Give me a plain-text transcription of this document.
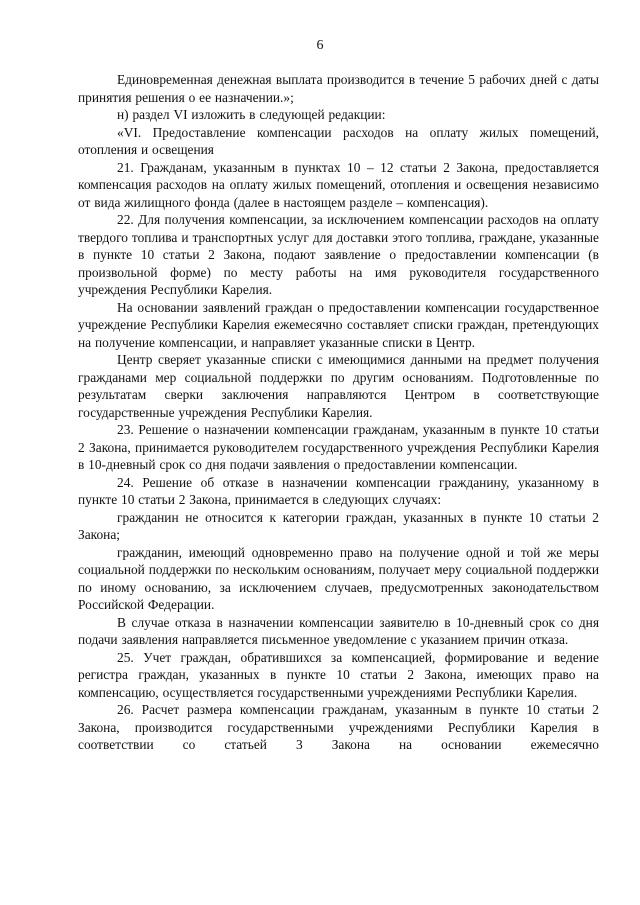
6

Единовременная денежная выплата производится в течение 5 рабочих дней с даты принятия решения о ее назначении.»;

н) раздел VI изложить в следующей редакции:

«VI. Предоставление компенсации расходов на оплату жилых помещений, отопления и освещения

21. Гражданам, указанным в пунктах 10 – 12 статьи 2 Закона, предоставляется компенсация расходов на оплату жилых помещений, отопления и освещения независимо от вида жилищного фонда (далее в настоящем разделе – компенсация).

22. Для получения компенсации, за исключением компенсации расходов на оплату твердого топлива и транспортных услуг для доставки этого топлива, граждане, указанные в пункте 10 статьи 2 Закона, подают заявление о предоставлении компенсации (в произвольной форме) по месту работы на имя руководителя государственного учреждения Республики Карелия.

На основании заявлений граждан о предоставлении компенсации государственное учреждение Республики Карелия ежемесячно составляет списки граждан, претендующих на получение компенсации, и направляет указанные списки в Центр.

Центр сверяет указанные списки с имеющимися данными на предмет получения гражданами мер социальной поддержки по другим основаниям. Подготовленные по результатам сверки заключения направляются Центром в соответствующие государственные учреждения Республики Карелия.

23. Решение о назначении компенсации гражданам, указанным в пункте 10 статьи 2 Закона, принимается руководителем государственного учреждения Республики Карелия в 10-дневный срок со дня подачи заявления о предоставлении компенсации.

24. Решение об отказе в назначении компенсации гражданину, указанному в пункте 10 статьи 2 Закона, принимается в следующих случаях:

гражданин не относится к категории граждан, указанных в пункте 10 статьи 2 Закона;

гражданин, имеющий одновременно право на получение одной и той же меры социальной поддержки по нескольким основаниям, получает меру социальной поддержки по иному основанию, за исключением случаев, предусмотренных законодательством Российской Федерации.

В случае отказа в назначении компенсации заявителю в 10-дневный срок со дня подачи заявления направляется письменное уведомление с указанием причин отказа.

25. Учет граждан, обратившихся за компенсацией, формирование и ведение регистра граждан, указанных в пункте 10 статьи 2 Закона, имеющих право на компенсацию, осуществляется государственными учреждениями Республики Карелия.

26. Расчет размера компенсации гражданам, указанным в пункте 10 статьи 2 Закона, производится государственными учреждениями Республики Карелия в соответствии со статьей 3 Закона на основании ежемесячно
